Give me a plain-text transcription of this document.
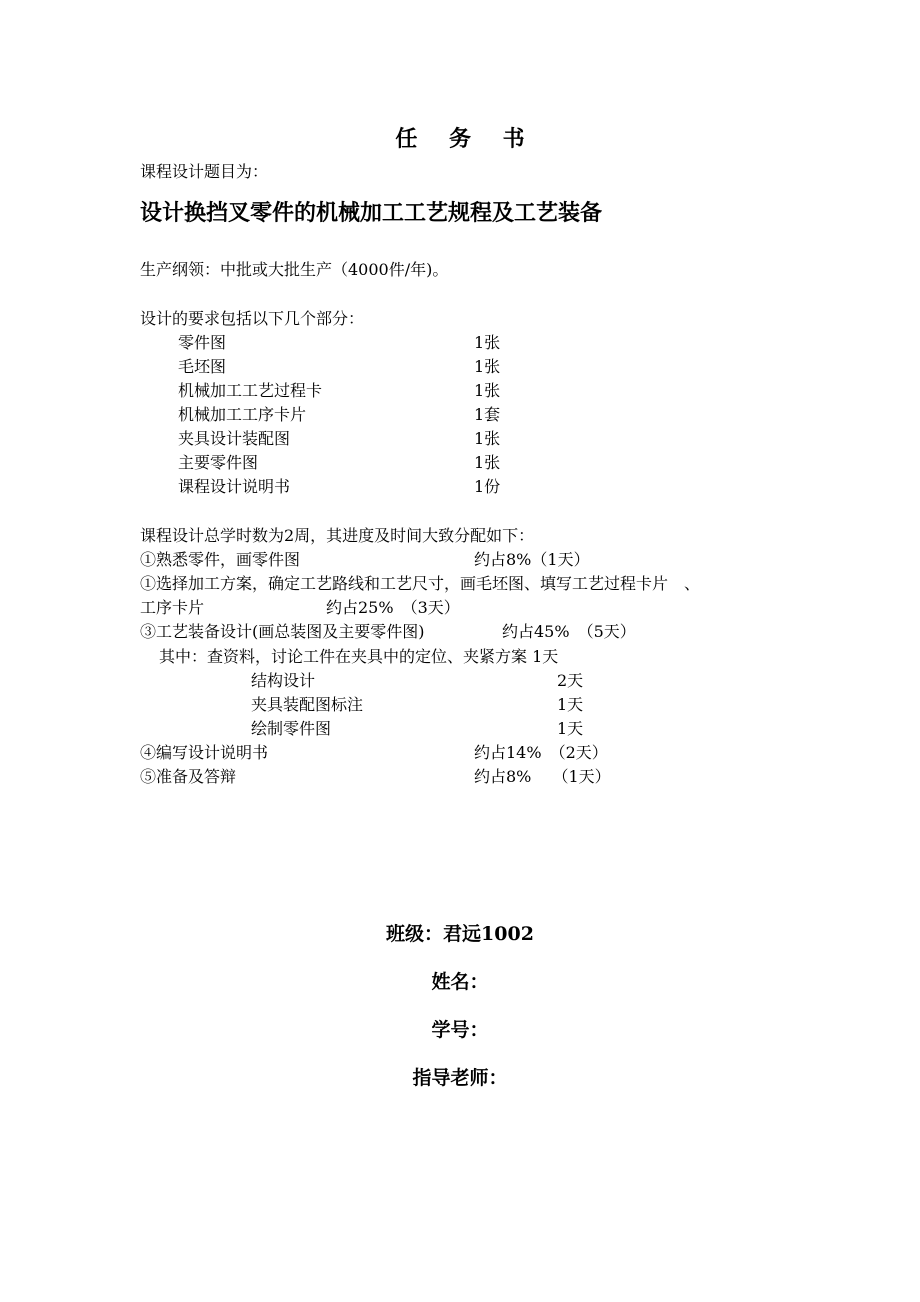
任 务 书
课程设计题目为：
设计换挡叉零件的机械加工工艺规程及工艺装备
生产纲领：中批或大批生产（4000件/年)。
设计的要求包括以下几个部分：
零件图	1张
毛坯图	1张
机械加工工艺过程卡	1张
机械加工工序卡片	1套
夹具设计装配图	1张
主要零件图	1张
课程设计说明书	1份
课程设计总学时数为2周，其进度及时间大致分配如下：
①熟悉零件，画零件图	约占8%（1天）
①选择加工方案，确定工艺路线和工艺尺寸，画毛坯图、填写工艺过程卡片　、
工序卡片	约占25%　（3天）
③工艺装备设计(画总装图及主要零件图)	约占45%　（5天）
其中：查资料，讨论工件在夹具中的定位、夹紧方案 1天
结构设计	2天
夹具装配图标注	1天
绘制零件图	1天
④编写设计说明书	约占14%　（2天）
⑤准备及答辩	约占8%　 （1天）
班级：君远1002
姓名：
学号：
指导老师：
